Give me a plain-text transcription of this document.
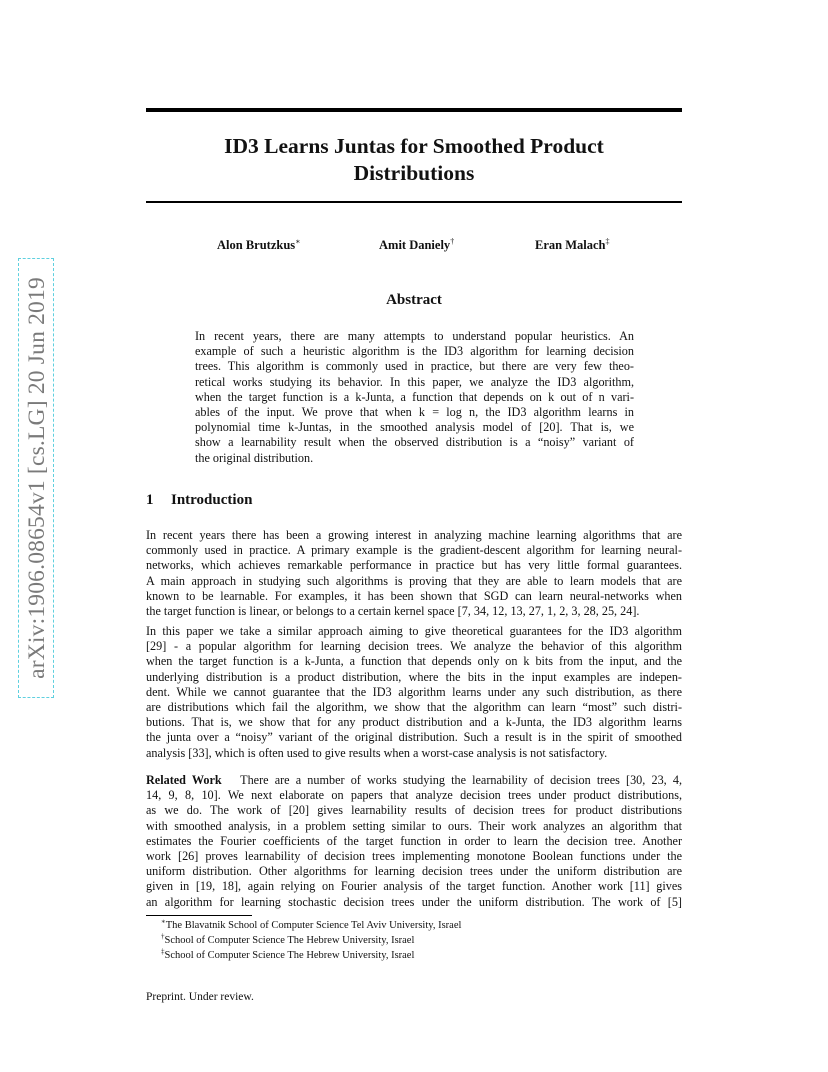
arXiv:1906.08654v1 [cs.LG] 20 Jun 2019
ID3 Learns Juntas for Smoothed Product
Distributions
Alon Brutzkus∗	Amit Daniely†	Eran Malach‡
Abstract
In recent years, there are many attempts to understand popular heuristics. An
example of such a heuristic algorithm is the ID3 algorithm for learning decision
trees. This algorithm is commonly used in practice, but there are very few theo-
retical works studying its behavior. In this paper, we analyze the ID3 algorithm,
when the target function is a k-Junta, a function that depends on k out of n vari-
ables of the input. We prove that when k = log n, the ID3 algorithm learns in
polynomial time k-Juntas, in the smoothed analysis model of [20]. That is, we
show a learnability result when the observed distribution is a “noisy” variant of
the original distribution.
1 Introduction
In recent years there has been a growing interest in analyzing machine learning algorithms that are
commonly used in practice. A primary example is the gradient-descent algorithm for learning neural-
networks, which achieves remarkable performance in practice but has very little formal guarantees.
A main approach in studying such algorithms is proving that they are able to learn models that are
known to be learnable. For examples, it has been shown that SGD can learn neural-networks when
the target function is linear, or belongs to a certain kernel space [7, 34, 12, 13, 27, 1, 2, 3, 28, 25, 24].
In this paper we take a similar approach aiming to give theoretical guarantees for the ID3 algorithm
[29] - a popular algorithm for learning decision trees. We analyze the behavior of this algorithm
when the target function is a k-Junta, a function that depends only on k bits from the input, and the
underlying distribution is a product distribution, where the bits in the input examples are indepen-
dent. While we cannot guarantee that the ID3 algorithm learns under any such distribution, as there
are distributions which fail the algorithm, we show that the algorithm can learn “most” such distri-
butions. That is, we show that for any product distribution and a k-Junta, the ID3 algorithm learns
the junta over a “noisy” variant of the original distribution. Such a result is in the spirit of smoothed
analysis [33], which is often used to give results when a worst-case analysis is not satisfactory.
Related Work There are a number of works studying the learnability of decision trees [30, 23, 4,
14, 9, 8, 10]. We next elaborate on papers that analyze decision trees under product distributions,
as we do. The work of [20] gives learnability results of decision trees for product distributions
with smoothed analysis, in a problem setting similar to ours. Their work analyzes an algorithm that
estimates the Fourier coefficients of the target function in order to learn the decision tree. Another
work [26] proves learnability of decision trees implementing monotone Boolean functions under the
uniform distribution. Other algorithms for learning decision trees under the uniform distribution are
given in [19, 18], again relying on Fourier analysis of the target function. Another work [11] gives
an algorithm for learning stochastic decision trees under the uniform distribution. The work of [5]
∗The Blavatnik School of Computer Science Tel Aviv University, Israel
†School of Computer Science The Hebrew University, Israel
‡School of Computer Science The Hebrew University, Israel
Preprint. Under review.
